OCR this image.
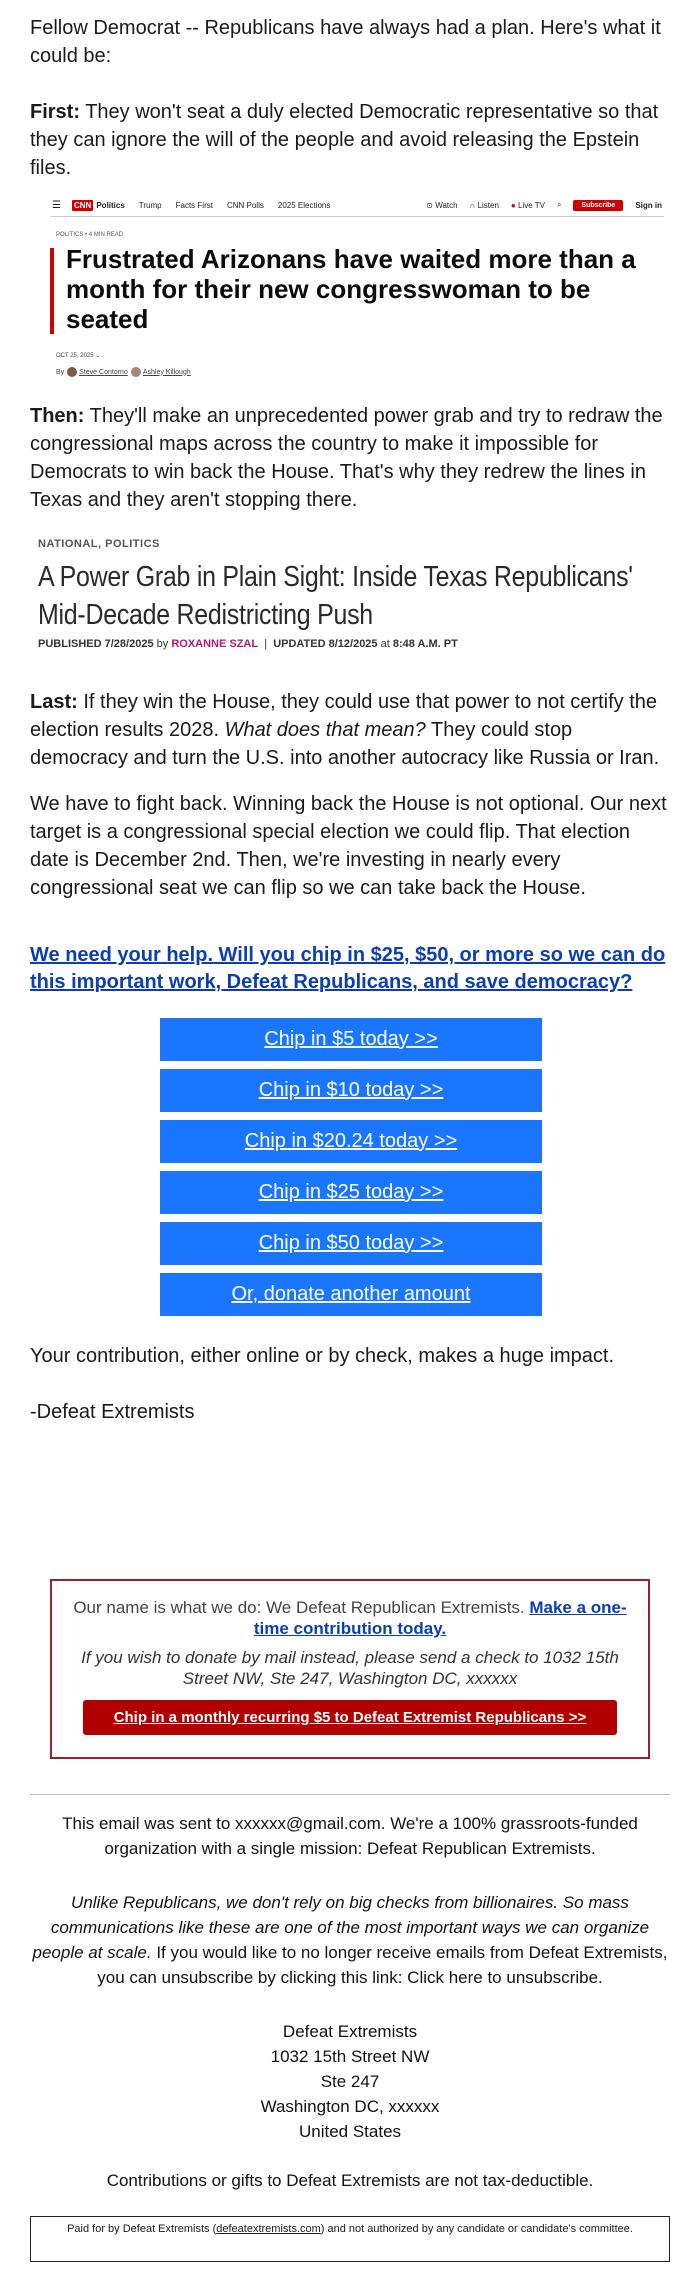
Fellow Democrat -- Republicans have always had a plan. Here's what it could be:

First: They won't seat a duly elected Democratic representative so that they can ignore the will of the people and avoid releasing the Epstein files.

☰ CNN Politics Trump Facts First CNN Polls 2025 Elections	⊙
Watch ∩
Listen ●
Live TV ⌕	Subscribe	Sign in
POLITICS • 4 MIN READ
Frustrated Arizonans have waited more than a month for their new congresswoman to be seated
OCT 25, 2025 ⌄
By Steve Contorno Ashley Killough

Then: They'll make an unprecedented power grab and try to redraw the congressional maps across the country to make it impossible for Democrats to win back the House. That's why they redrew the lines in Texas and they aren't stopping there.

NATIONAL, POLITICS
A Power Grab in Plain Sight: Inside Texas Republicans' Mid-Decade Redistricting Push
PUBLISHED 7/28/2025 by ROXANNE SZAL  |  UPDATED 8/12/2025 at 8:48 A.M. PT

Last: If they win the House, they could use that power to not certify the election results 2028. What does that mean? They could stop democracy and turn the U.S. into another autocracy like Russia or Iran.

We have to fight back. Winning back the House is not optional. Our next target is a congressional special election we could flip. That election date is December 2nd. Then, we're investing in nearly every congressional seat we can flip so we can take back the House.

We need your help. Will you chip in $25, $50, or more so we can do this important work, Defeat Republicans, and save democracy?
Chip in $5 today >>
Chip in $10 today >>
Chip in $20.24 today >>
Chip in $25 today >>
Chip in $50 today >>
Or, donate another amount

Your contribution, either online or by check, makes a huge impact.

-Defeat Extremists

Our name is what we do: We Defeat Republican Extremists. Make a one-time contribution today.

If you wish to donate by mail instead, please send a check to 1032 15th Street NW, Ste 247, Washington DC, xxxxxx

Chip in a monthly recurring $5 to Defeat Extremist Republicans >>
This email was sent to xxxxxx@gmail.com. We're a 100% grassroots-funded organization with a single mission: Defeat Republican Extremists.
Unlike Republicans, we don't rely on big checks from billionaires. So mass communications like these are one of the most important ways we can organize people at scale. If you would like to no longer receive emails from Defeat Extremists, you can unsubscribe by clicking this link: Click here to unsubscribe.
Defeat Extremists
1032 15th Street NW
Ste 247
Washington DC, xxxxxx
United States
Contributions or gifts to Defeat Extremists are not tax-deductible.
Paid for by Defeat Extremists (defeatextremists.com) and not authorized by any candidate or candidate's committee.
